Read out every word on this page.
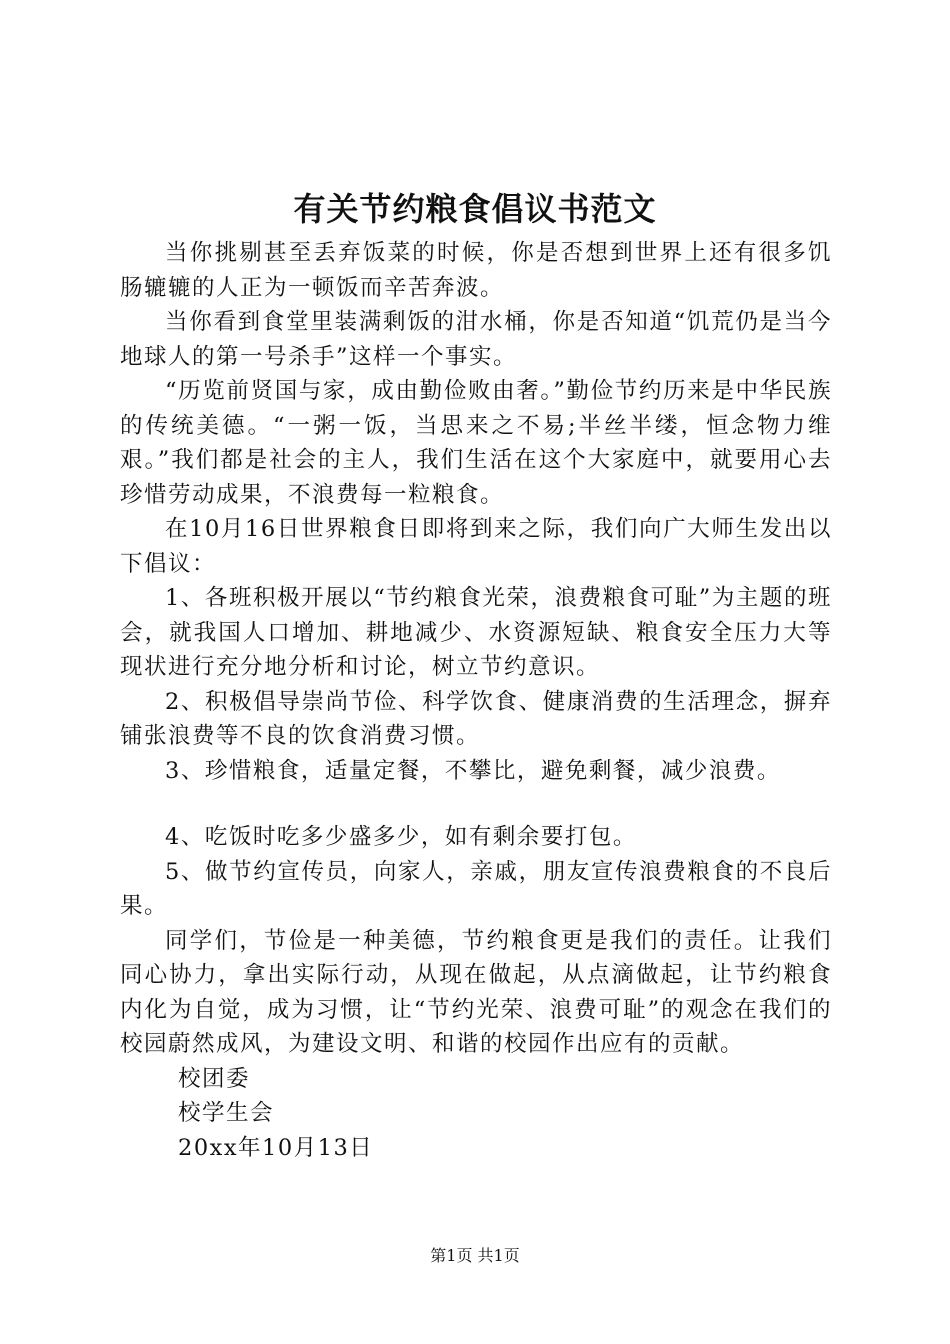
有关节约粮食倡议书范文

当你挑剔甚至丢弃饭菜的时候，你是否想到世界上还有很多饥肠辘辘的人正为一顿饭而辛苦奔波。

当你看到食堂里装满剩饭的泔水桶，你是否知道“饥荒仍是当今地球人的第一号杀手”这样一个事实。

“历览前贤国与家，成由勤俭败由奢。”勤俭节约历来是中华民族的传统美德。“一粥一饭，当思来之不易;半丝半缕，恒念物力维艰。”我们都是社会的主人，我们生活在这个大家庭中，就要用心去珍惜劳动成果，不浪费每一粒粮食。

在10月16日世界粮食日即将到来之际，我们向广大师生发出以下倡议：

1、各班积极开展以“节约粮食光荣，浪费粮食可耻”为主题的班会，就我国人口增加、耕地减少、水资源短缺、粮食安全压力大等现状进行充分地分析和讨论，树立节约意识。

2、积极倡导崇尚节俭、科学饮食、健康消费的生活理念，摒弃铺张浪费等不良的饮食消费习惯。

3、珍惜粮食，适量定餐，不攀比，避免剩餐，减少浪费。

4、吃饭时吃多少盛多少，如有剩余要打包。

5、做节约宣传员，向家人，亲戚，朋友宣传浪费粮食的不良后果。

同学们，节俭是一种美德，节约粮食更是我们的责任。让我们同心协力，拿出实际行动，从现在做起，从点滴做起，让节约粮食内化为自觉，成为习惯，让“节约光荣、浪费可耻”的观念在我们的校园蔚然成风，为建设文明、和谐的校园作出应有的贡献。

校团委

校学生会

20xx年10月13日

第1页 共1页
